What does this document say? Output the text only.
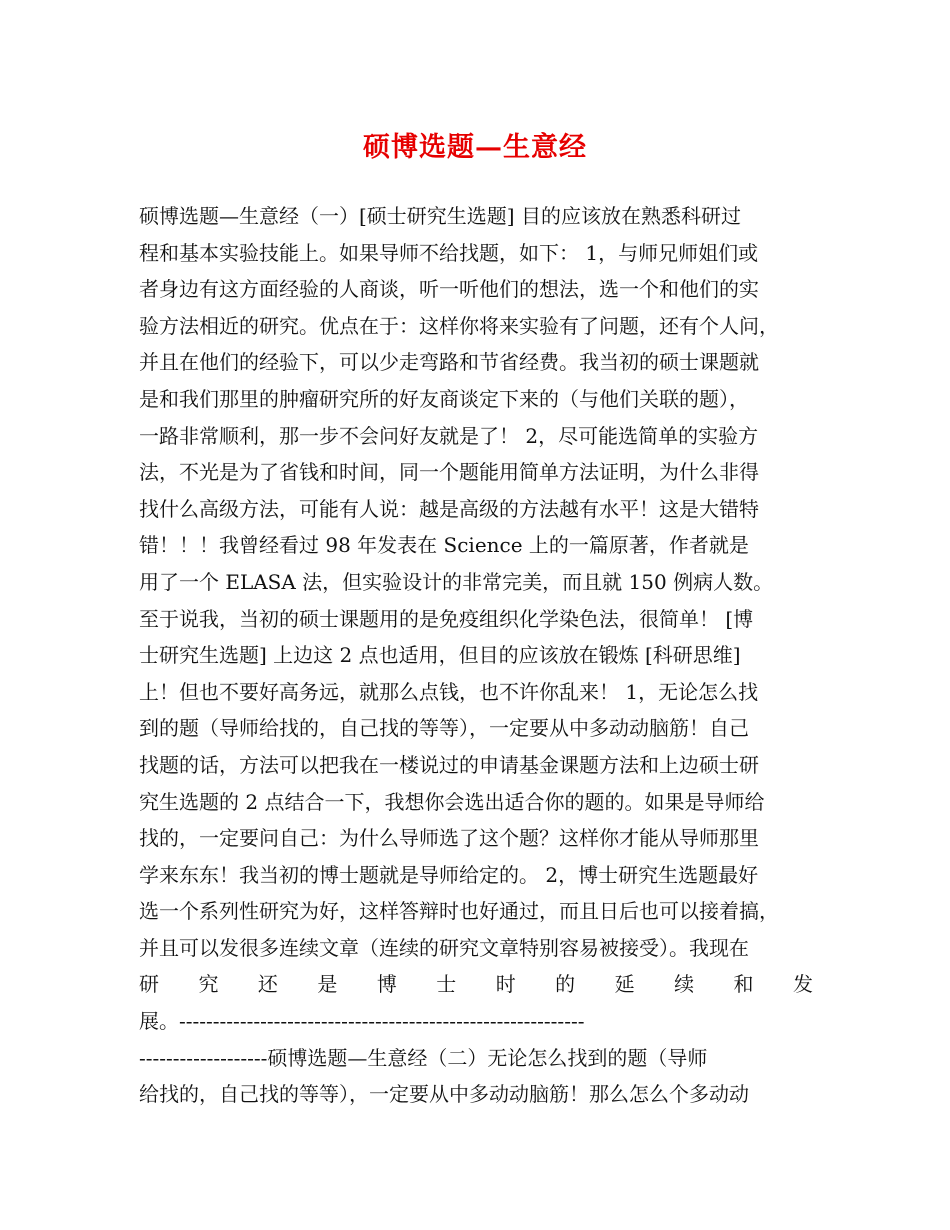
硕博选题—生意经
硕博选题—生意经（一）[硕士研究生选题] 目的应该放在熟悉科研过
程和基本实验技能上。如果导师不给找题，如下： 1，与师兄师姐们或
者身边有这方面经验的人商谈，听一听他们的想法，选一个和他们的实
验方法相近的研究。优点在于：这样你将来实验有了问题，还有个人问，
并且在他们的经验下，可以少走弯路和节省经费。我当初的硕士课题就
是和我们那里的肿瘤研究所的好友商谈定下来的（与他们关联的题），
一路非常顺利，那一步不会问好友就是了！ 2，尽可能选简单的实验方
法，不光是为了省钱和时间，同一个题能用简单方法证明，为什么非得
找什么高级方法，可能有人说：越是高级的方法越有水平！这是大错特
错！！！我曾经看过 98 年发表在 Science 上的一篇原著，作者就是
用了一个 ELASA 法，但实验设计的非常完美，而且就 150 例病人数。
至于说我，当初的硕士课题用的是免疫组织化学染色法，很简单！ [博
士研究生选题] 上边这 2 点也适用，但目的应该放在锻炼 [科研思维]
上！但也不要好高务远，就那么点钱，也不许你乱来！ 1，无论怎么找
到的题（导师给找的，自己找的等等），一定要从中多动动脑筋！自己
找题的话，方法可以把我在一楼说过的申请基金课题方法和上边硕士研
究生选题的 2 点结合一下，我想你会选出适合你的题的。如果是导师给
找的，一定要问自己：为什么导师选了这个题？这样你才能从导师那里
学来东东！我当初的博士题就是导师给定的。 2，博士研究生选题最好
选一个系列性研究为好，这样答辩时也好通过，而且日后也可以接着搞，
并且可以发很多连续文章（连续的研究文章特别容易被接受）。我现在
研 究 还 是 博 士 时 的 延 续 和 发
展。------------------------------------------------------------
-------------------硕博选题—生意经（二）无论怎么找到的题（导师
给找的，自己找的等等），一定要从中多动动脑筋！那么怎么个多动动
